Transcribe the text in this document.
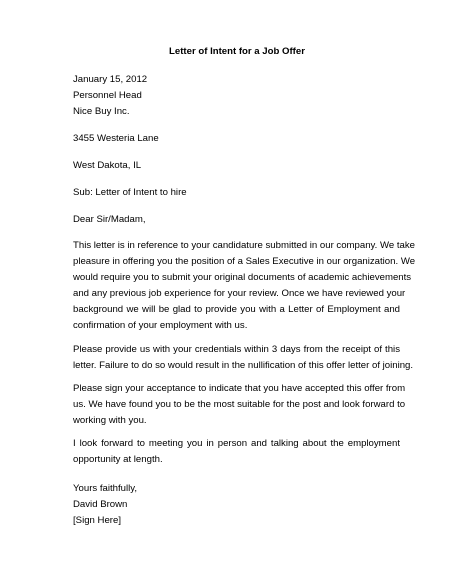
Letter of Intent for a Job Offer
January 15, 2012
Personnel Head
Nice Buy Inc.
3455 Westeria Lane
West Dakota, IL
Sub: Letter of Intent to hire
Dear Sir/Madam,
This letter is in reference to your candidature submitted in our company. We take
pleasure in offering you the position of a Sales Executive in our organization. We
would require you to submit your original documents of academic achievements
and any previous job experience for your review. Once we have reviewed your
background we will be glad to provide you with a Letter of Employment and
confirmation of your employment with us.
Please provide us with your credentials within 3 days from the receipt of this
letter. Failure to do so would result in the nullification of this offer letter of joining.
Please sign your acceptance to indicate that you have accepted this offer from
us. We have found you to be the most suitable for the post and look forward to
working with you.
I look forward to meeting you in person and talking about the employment
opportunity at length.
Yours faithfully,
David Brown
[Sign Here]
